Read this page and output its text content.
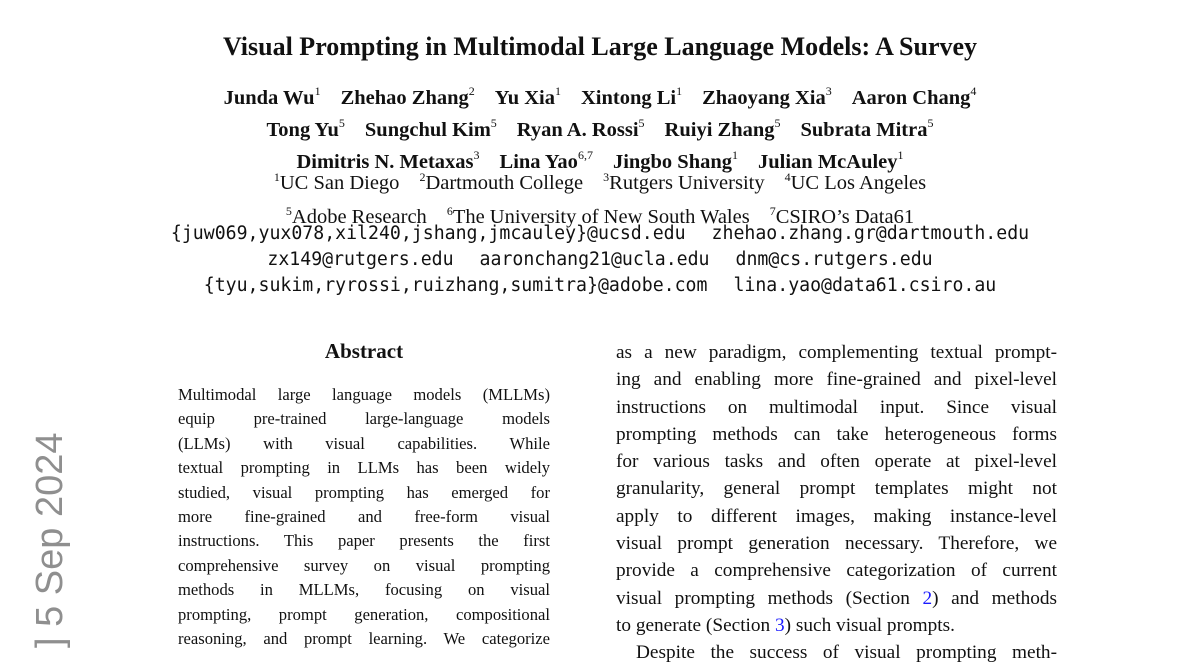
Visual Prompting in Multimodal Large Language Models: A Survey
Junda Wu$^1$ Zhehao Zhang$^2$ Yu Xia$^1$ Xintong Li$^1$ Zhaoyang Xia$^3$ Aaron Chang$^4$
Tong Yu$^5$ Sungchul Kim$^5$ Ryan A. Rossi$^5$ Ruiyi Zhang$^5$ Subrata Mitra$^5$
Dimitris N. Metaxas$^3$ Lina Yao$^{6,7}$ Jingbo Shang$^1$ Julian McAuley$^1$
$^1$UC San Diego $^2$Dartmouth College $^3$Rutgers University $^4$UC Los Angeles
$^5$Adobe Research $^6$The University of New South Wales $^7$CSIRO’s Data61
{juw069,yux078,xil240,jshang,jmcauley}@ucsd.edu zhehao.zhang.gr@dartmouth.edu
zx149@rutgers.edu aaronchang21@ucla.edu dnm@cs.rutgers.edu
{tyu,sukim,ryrossi,ruizhang,sumitra}@adobe.com lina.yao@data61.csiro.au
Abstract
Multimodal large language models (MLLMs)
equip pre-trained large-language models
(LLMs) with visual capabilities. While
textual prompting in LLMs has been widely
studied, visual prompting has emerged for
more fine-grained and free-form visual
instructions. This paper presents the first
comprehensive survey on visual prompting
methods in MLLMs, focusing on visual
prompting, prompt generation, compositional
reasoning, and prompt learning. We categorize
as a new paradigm, complementing textual prompt-
ing and enabling more fine-grained and pixel-level
instructions on multimodal input. Since visual
prompting methods can take heterogeneous forms
for various tasks and often operate at pixel-level
granularity, general prompt templates might not
apply to different images, making instance-level
visual prompt generation necessary. Therefore, we
provide a comprehensive categorization of current
visual prompting methods (Section 2) and methods
to generate (Section 3) such visual prompts.
Despite the success of visual prompting meth-
] 5 Sep 2024
